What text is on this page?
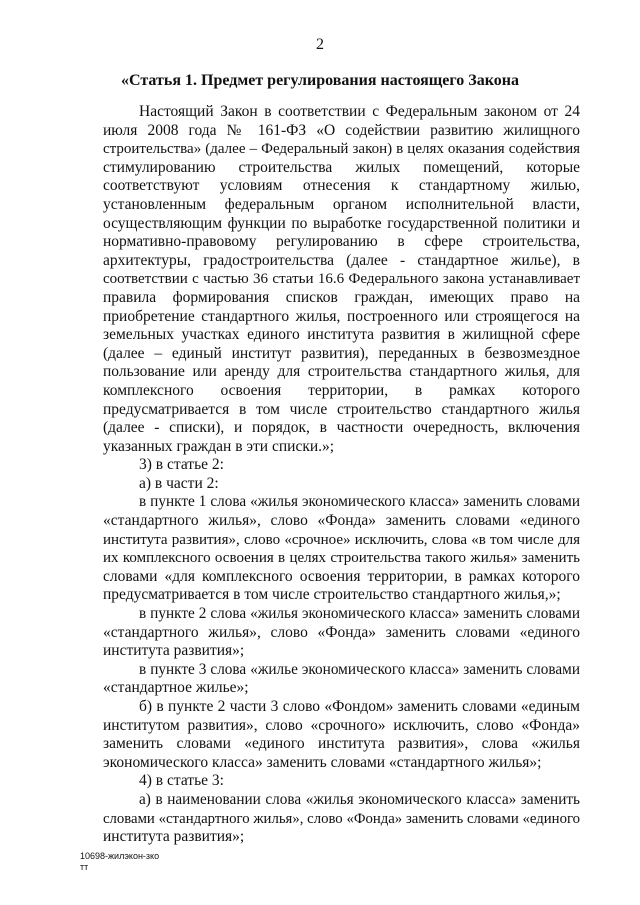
2
«Статья 1. Предмет регулирования настоящего Закона
Настоящий Закон в соответствии с Федеральным законом от 24
июля 2008 года № 161-ФЗ «О содействии развитию жилищного
строительства» (далее – Федеральный закон) в целях оказания содействия
стимулированию строительства жилых помещений, которые
соответствуют условиям отнесения к стандартному жилью,
установленным федеральным органом исполнительной власти,
осуществляющим функции по выработке государственной политики и
нормативно-правовому регулированию в сфере строительства,
архитектуры, градостроительства (далее - стандартное жилье), в
соответствии с частью 36 статьи 16.6 Федерального закона устанавливает
правила формирования списков граждан, имеющих право на
приобретение стандартного жилья, построенного или строящегося на
земельных участках единого института развития в жилищной сфере
(далее – единый институт развития), переданных в безвозмездное
пользование или аренду для строительства стандартного жилья, для
комплексного освоения территории, в рамках которого
предусматривается в том числе строительство стандартного жилья
(далее - списки), и порядок, в частности очередность, включения
указанных граждан в эти списки.»;
3) в статье 2:
а) в части 2:
в пункте 1 слова «жилья экономического класса» заменить словами
«стандартного жилья», слово «Фонда» заменить словами «единого
института развития», слово «срочное» исключить, слова «в том числе для
их комплексного освоения в целях строительства такого жилья» заменить
словами «для комплексного освоения территории, в рамках которого
предусматривается в том числе строительство стандартного жилья,»;
в пункте 2 слова «жилья экономического класса» заменить словами
«стандартного жилья», слово «Фонда» заменить словами «единого
института развития»;
в пункте 3 слова «жилье экономического класса» заменить словами
«стандартное жилье»;
б) в пункте 2 части 3 слово «Фондом» заменить словами «единым
институтом развития», слово «срочного» исключить, слово «Фонда»
заменить словами «единого института развития», слова «жилья
экономического класса» заменить словами «стандартного жилья»;
4) в статье 3:
а) в наименовании слова «жилья экономического класса» заменить
словами «стандартного жилья», слово «Фонда» заменить словами «единого
института развития»;
10698-жилэкон-зко
тт
